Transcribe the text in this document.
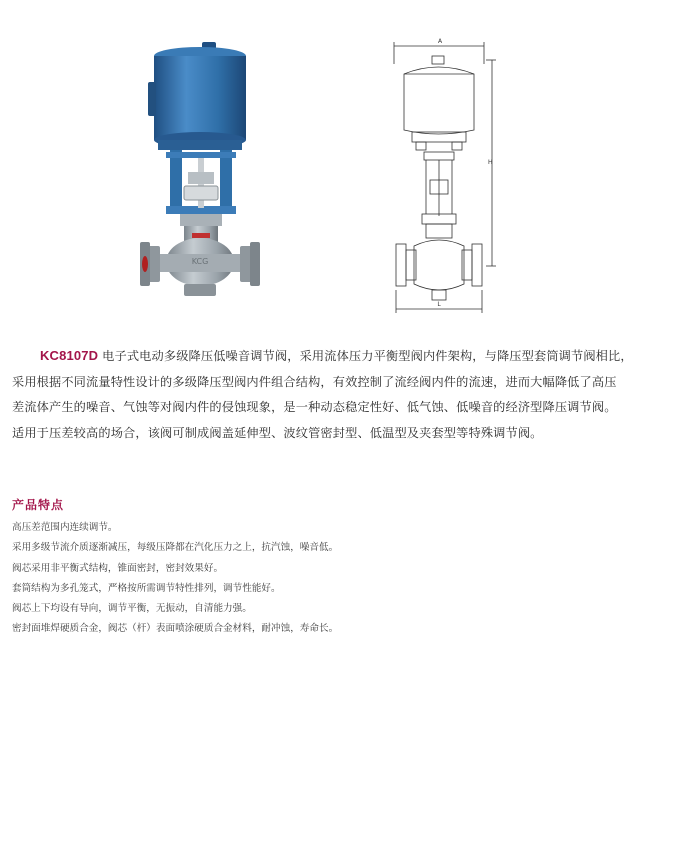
KCG
A
H
L

KC8107D 电子式电动多级降压低噪音调节阀，采用流体压力平衡型阀内件架构，与降压型套筒调节阀相比，
采用根据不同流量特性设计的多级降压型阀内件组合结构，有效控制了流经阀内件的流速，进而大幅降低了高压
差流体产生的噪音、气蚀等对阀内件的侵蚀现象，是一种动态稳定性好、低气蚀、低噪音的经济型降压调节阀。
适用于压差较高的场合，该阀可制成阀盖延伸型、波纹管密封型、低温型及夹套型等特殊调节阀。

产品特点
高压差范围内连续调节。
采用多级节流介质逐渐减压，每级压降都在汽化压力之上，抗汽蚀，噪音低。
阀芯采用非平衡式结构，锥面密封，密封效果好。
套筒结构为多孔笼式，严格按所需调节特性排列，调节性能好。
阀芯上下均设有导向，调节平衡，无振动，自清能力强。
密封面堆焊硬质合金，阀芯（杆）表面喷涂硬质合金材料，耐冲蚀，寿命长。
